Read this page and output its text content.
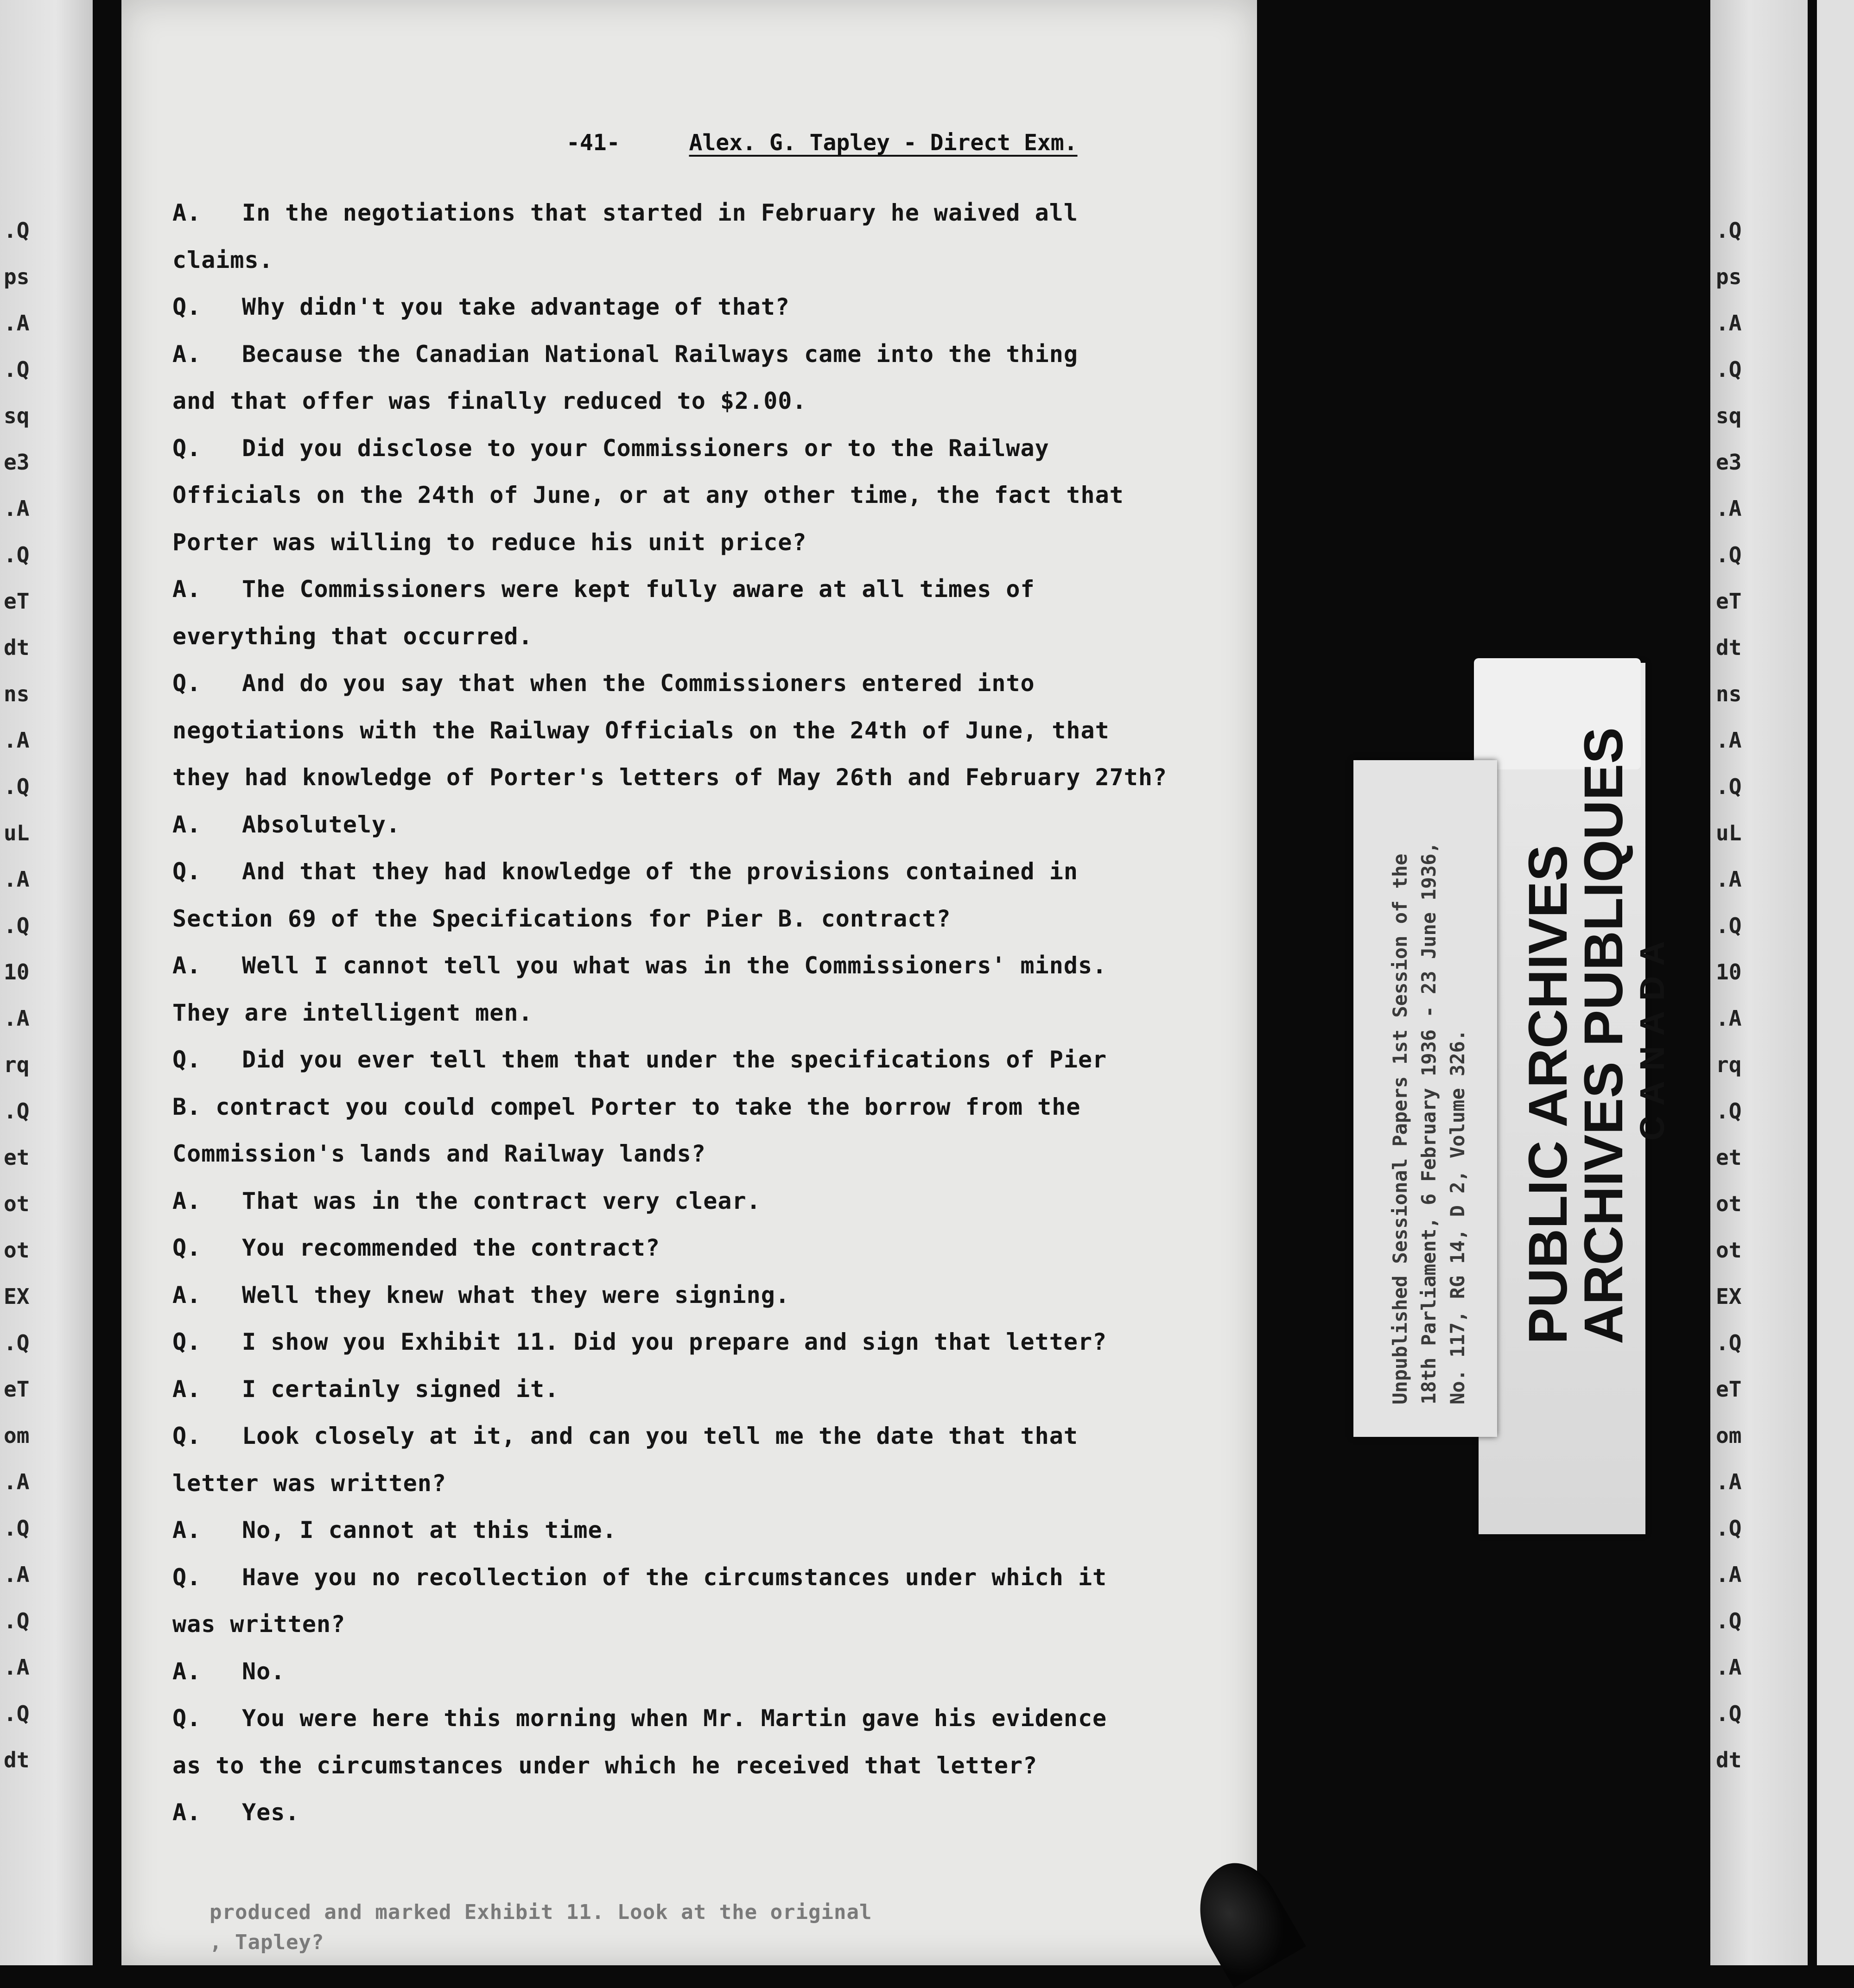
.Q
ps
.A
.Q
sq
e3
.A
.Q
eT
dt
ns
.A
.Q
uL
.A
.Q
10
.A
rq
.Q
et
ot
ot
EX
.Q
eT
om
.A
.Q
.A
.Q
.A
.Q
dt
-41-	Alex. G. Tapley - Direct Exm.
A. In the negotiations that started in February he waived all
claims.
Q. Why didn't you take advantage of that?
A. Because the Canadian National Railways came into the thing
and that offer was finally reduced to $2.00.
Q. Did you disclose to your Commissioners or to the Railway
Officials on the 24th of June, or at any other time, the fact that
Porter was willing to reduce his unit price?
A. The Commissioners were kept fully aware at all times of
everything that occurred.
Q. And do you say that when the Commissioners entered into
negotiations with the Railway Officials on the 24th of June, that
they had knowledge of Porter's letters of May 26th and February 27th?
A. Absolutely.
Q. And that they had knowledge of the provisions contained in
Section 69 of the Specifications for Pier B. contract?
A. Well I cannot tell you what was in the Commissioners' minds.
They are intelligent men.
Q. Did you ever tell them that under the specifications of Pier
B. contract you could compel Porter to take the borrow from the
Commission's lands and Railway lands?
A. That was in the contract very clear.
Q. You recommended the contract?
A. Well they knew what they were signing.
Q. I show you Exhibit 11. Did you prepare and sign that letter?
A. I certainly signed it.
Q. Look closely at it, and can you tell me the date that that
letter was written?
A. No, I cannot at this time.
Q. Have you no recollection of the circumstances under which it
was written?
A. No.
Q. You were here this morning when Mr. Martin gave his evidence
as to the circumstances under which he received that letter?
A. Yes.
produced and marked Exhibit 11. Look at the original
, Tapley?
Unpublished Sessional Papers 1st Session of the 18th Parliament, 6 February 1936 - 23 June 1936, No. 117, RG 14, D 2, Volume 326. PUBLIC ARCHIVES
ARCHIVES PUBLIQUES
CANADA
.Q
ps
.A
.Q
sq
e3
.A
.Q
eT
dt
ns
.A
.Q
uL
.A
.Q
10
.A
rq
.Q
et
ot
ot
EX
.Q
eT
om
.A
.Q
.A
.Q
.A
.Q
dt
